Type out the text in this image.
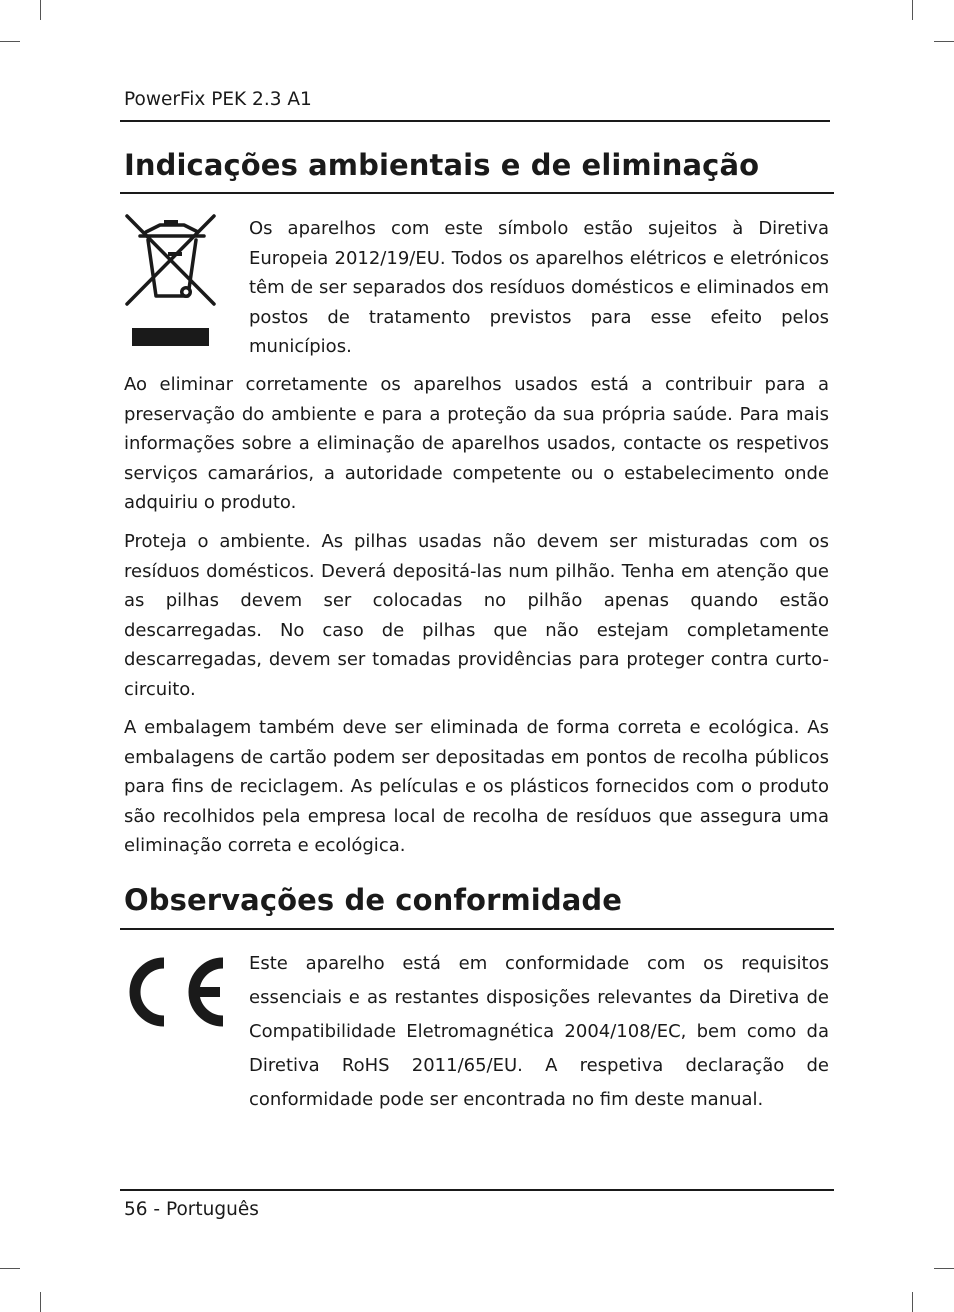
PowerFix PEK 2.3 A1
Indicações ambientais e de eliminação

Os aparelhos com este símbolo estão sujeitos à Diretiva Europeia 2012/19/EU. Todos os aparelhos elétricos e eletrónicos têm de ser separados dos resíduos domésticos e eliminados em postos de tratamento previstos para esse efeito pelos municípios.

Ao eliminar corretamente os aparelhos usados está a contribuir para a preservação do ambiente e para a proteção da sua própria saúde. Para mais informações sobre a eliminação de aparelhos usados, contacte os respetivos serviços camarários, a autoridade competente ou o estabelecimento onde adquiriu o produto.

Proteja o ambiente. As pilhas usadas não devem ser misturadas com os resíduos domésticos. Deverá depositá-las num pilhão. Tenha em atenção que as pilhas devem ser colocadas no pilhão apenas quando estão descarregadas. No caso de pilhas que não estejam completamente descarregadas, devem ser tomadas providências para proteger contra curto-circuito.

A embalagem também deve ser eliminada de forma correta e ecológica. As embalagens de cartão podem ser depositadas em pontos de recolha públicos para fins de reciclagem. As películas e os plásticos fornecidos com o produto são recolhidos pela empresa local de recolha de resíduos que assegura uma eliminação correta e ecológica.

Observações de conformidade

Este aparelho está em conformidade com os requisitos essenciais e as restantes disposições relevantes da Diretiva de Compatibilidade Eletromagnética 2004/108/EC, bem como da Diretiva RoHS 2011/65/EU. A respetiva declaração de conformidade pode ser encontrada no fim deste manual.

56 - Português
